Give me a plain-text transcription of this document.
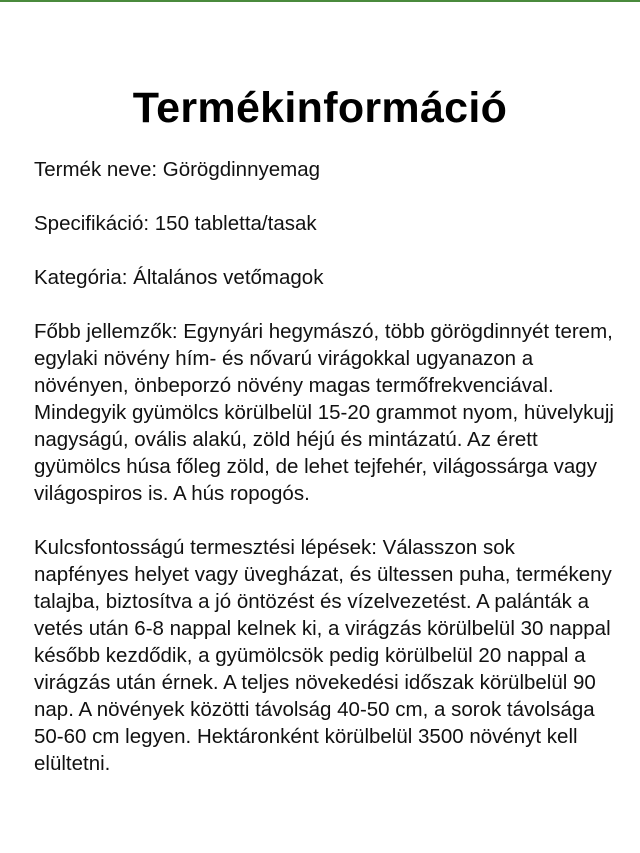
Termékinformáció

Termék neve: Görögdinnyemag

Specifikáció: 150 tabletta/tasak

Kategória: Általános vetőmagok

Főbb jellemzők: Egynyári hegymászó, több görögdinnyét terem, egylaki növény hím- és nővarú virágokkal ugyanazon a növényen, önbeporzó növény magas termőfrekvenciával. Mindegyik gyümölcs körülbelül 15-20 grammot nyom, hüvelykujj nagyságú, ovális alakú, zöld héjú és mintázatú. Az érett gyümölcs húsa főleg zöld, de lehet tejfehér, világossárga vagy világospiros is. A hús ropogós.

Kulcsfontosságú termesztési lépések: Válasszon sok napfényes helyet vagy üvegházat, és ültessen puha, termékeny talajba, biztosítva a jó öntözést és vízelvezetést. A palánták a vetés után 6-8 nappal kelnek ki, a virágzás körülbelül 30 nappal később kezdődik, a gyümölcsök pedig körülbelül 20 nappal a virágzás után érnek. A teljes növekedési időszak körülbelül 90 nap. A növények közötti távolság 40-50 cm, a sorok távolsága 50-60 cm legyen. Hektáronként körülbelül 3500 növényt kell elültetni.
